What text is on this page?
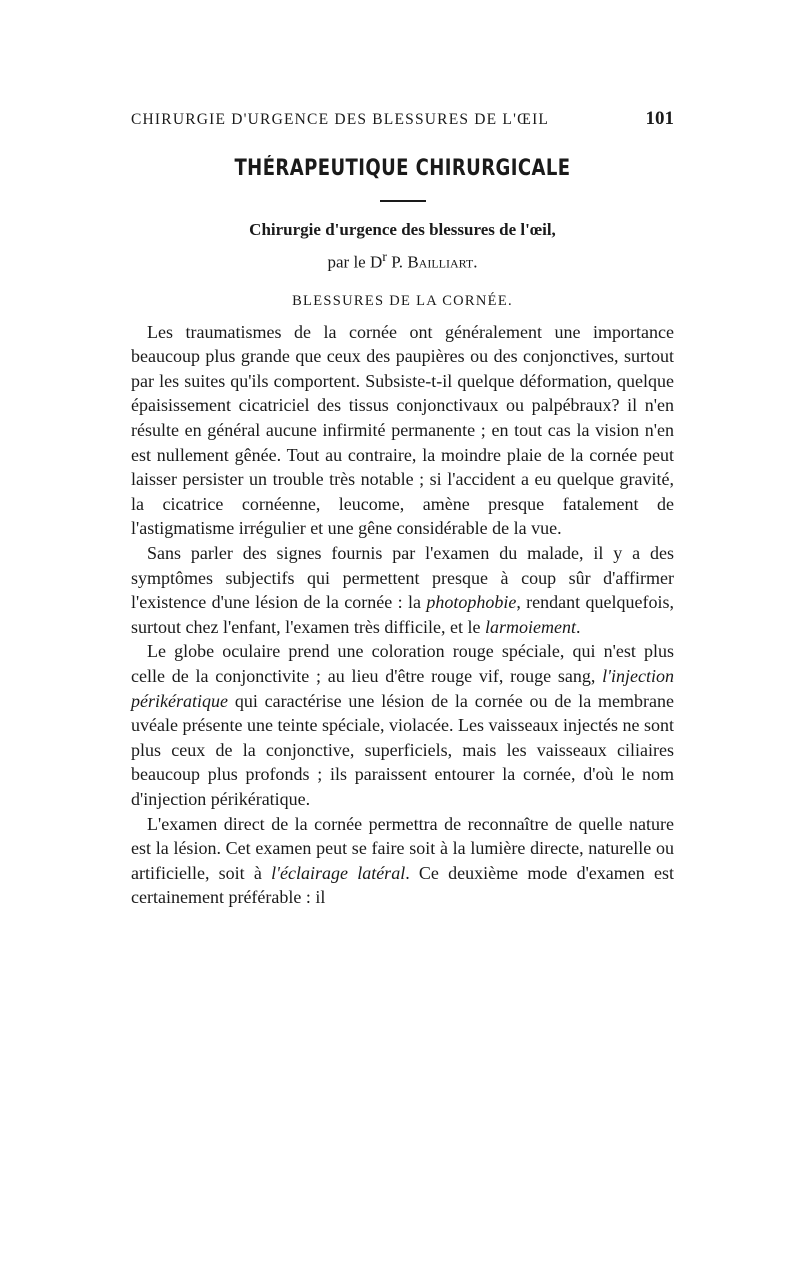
CHIRURGIE D'URGENCE DES BLESSURES DE L'ŒIL	101
THÉRAPEUTIQUE CHIRURGICALE
Chirurgie d'urgence des blessures de l'œil,
par le $D^r$ P. Bailliart.
BLESSURES DE LA CORNÉE.

Les traumatismes de la cornée ont généralement une importance beaucoup plus grande que ceux des paupières ou des conjonctives, surtout par les suites qu'ils comportent. Subsiste-t-il quelque déformation, quelque épaisissement cicatriciel des tissus conjonctivaux ou palpébraux? il n'en résulte en général aucune infirmité permanente ; en tout cas la vision n'en est nullement gênée. Tout au contraire, la moindre plaie de la cornée peut laisser persister un trouble très notable ; si l'accident a eu quelque gravité, la cicatrice cornéenne, leucome, amène presque fatalement de l'astigmatisme irrégulier et une gêne considérable de la vue.

Sans parler des signes fournis par l'examen du malade, il y a des symptômes subjectifs qui permettent presque à coup sûr d'affirmer l'existence d'une lésion de la cornée : la photophobie, rendant quelquefois, surtout chez l'enfant, l'examen très difficile, et le larmoiement.

Le globe oculaire prend une coloration rouge spéciale, qui n'est plus celle de la conjonctivite ; au lieu d'être rouge vif, rouge sang, l'injection périkératique qui caractérise une lésion de la cornée ou de la membrane uvéale présente une teinte spéciale, violacée. Les vaisseaux injectés ne sont plus ceux de la conjonctive, superficiels, mais les vaisseaux ciliaires beaucoup plus profonds ; ils paraissent entourer la cornée, d'où le nom d'injection périkératique.

L'examen direct de la cornée permettra de reconnaître de quelle nature est la lésion. Cet examen peut se faire soit à la lumière directe, naturelle ou artificielle, soit à l'éclairage latéral. Ce deuxième mode d'examen est certainement préférable : il
